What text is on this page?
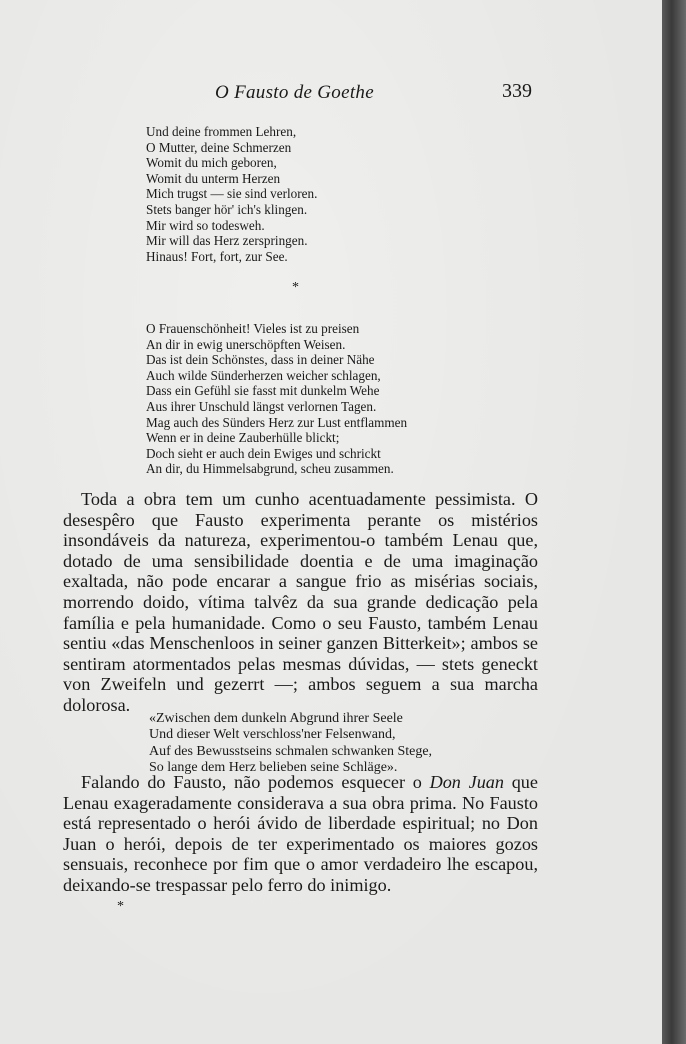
O Fausto de Goethe	339
Und deine frommen Lehren,
O Mutter, deine Schmerzen
Womit du mich geboren,
Womit du unterm Herzen
Mich trugst — sie sind verloren.
Stets banger hör' ich's klingen.
Mir wird so todesweh.
Mir will das Herz zerspringen.
Hinaus! Fort, fort, zur See.
*
O Frauenschönheit! Vieles ist zu preisen
An dir in ewig unerschöpften Weisen.
Das ist dein Schönstes, dass in deiner Nähe
Auch wilde Sünderherzen weicher schlagen,
Dass ein Gefühl sie fasst mit dunkelm Wehe
Aus ihrer Unschuld längst verlornen Tagen.
Mag auch des Sünders Herz zur Lust entflammen
Wenn er in deine Zauberhülle blickt;
Doch sieht er auch dein Ewiges und schrickt
An dir, du Himmelsabgrund, scheu zusammen.

Toda a obra tem um cunho acentuadamente pessimista. O desespêro que Fausto experimenta perante os mistérios insondáveis da natureza, experimentou-o também Lenau que, dotado de uma sensibilidade doentia e de uma imaginação exaltada, não pode encarar a sangue frio as misérias sociais, morrendo doido, vítima talvêz da sua grande dedicação pela família e pela humanidade. Como o seu Fausto, também Lenau sentiu «das Menschenloos in seiner ganzen Bitterkeit»; ambos se sentiram atormentados pelas mesmas dúvidas, — stets geneckt von Zweifeln und gezerrt —; ambos seguem a sua marcha dolorosa.

«Zwischen dem dunkeln Abgrund ihrer Seele
Und dieser Welt verschloss'ner Felsenwand,
Auf des Bewusstseins schmalen schwanken Stege,
So lange dem Herz belieben seine Schläge».

Falando do Fausto, não podemos esquecer o Don Juan que Lenau exageradamente considerava a sua obra prima. No Fausto está representado o herói ávido de liberdade espiritual; no Don Juan o herói, depois de ter experimentado os maiores gozos sensuais, reconhece por fim que o amor verdadeiro lhe escapou, deixando-se trespassar pelo ferro do inimigo.

*
